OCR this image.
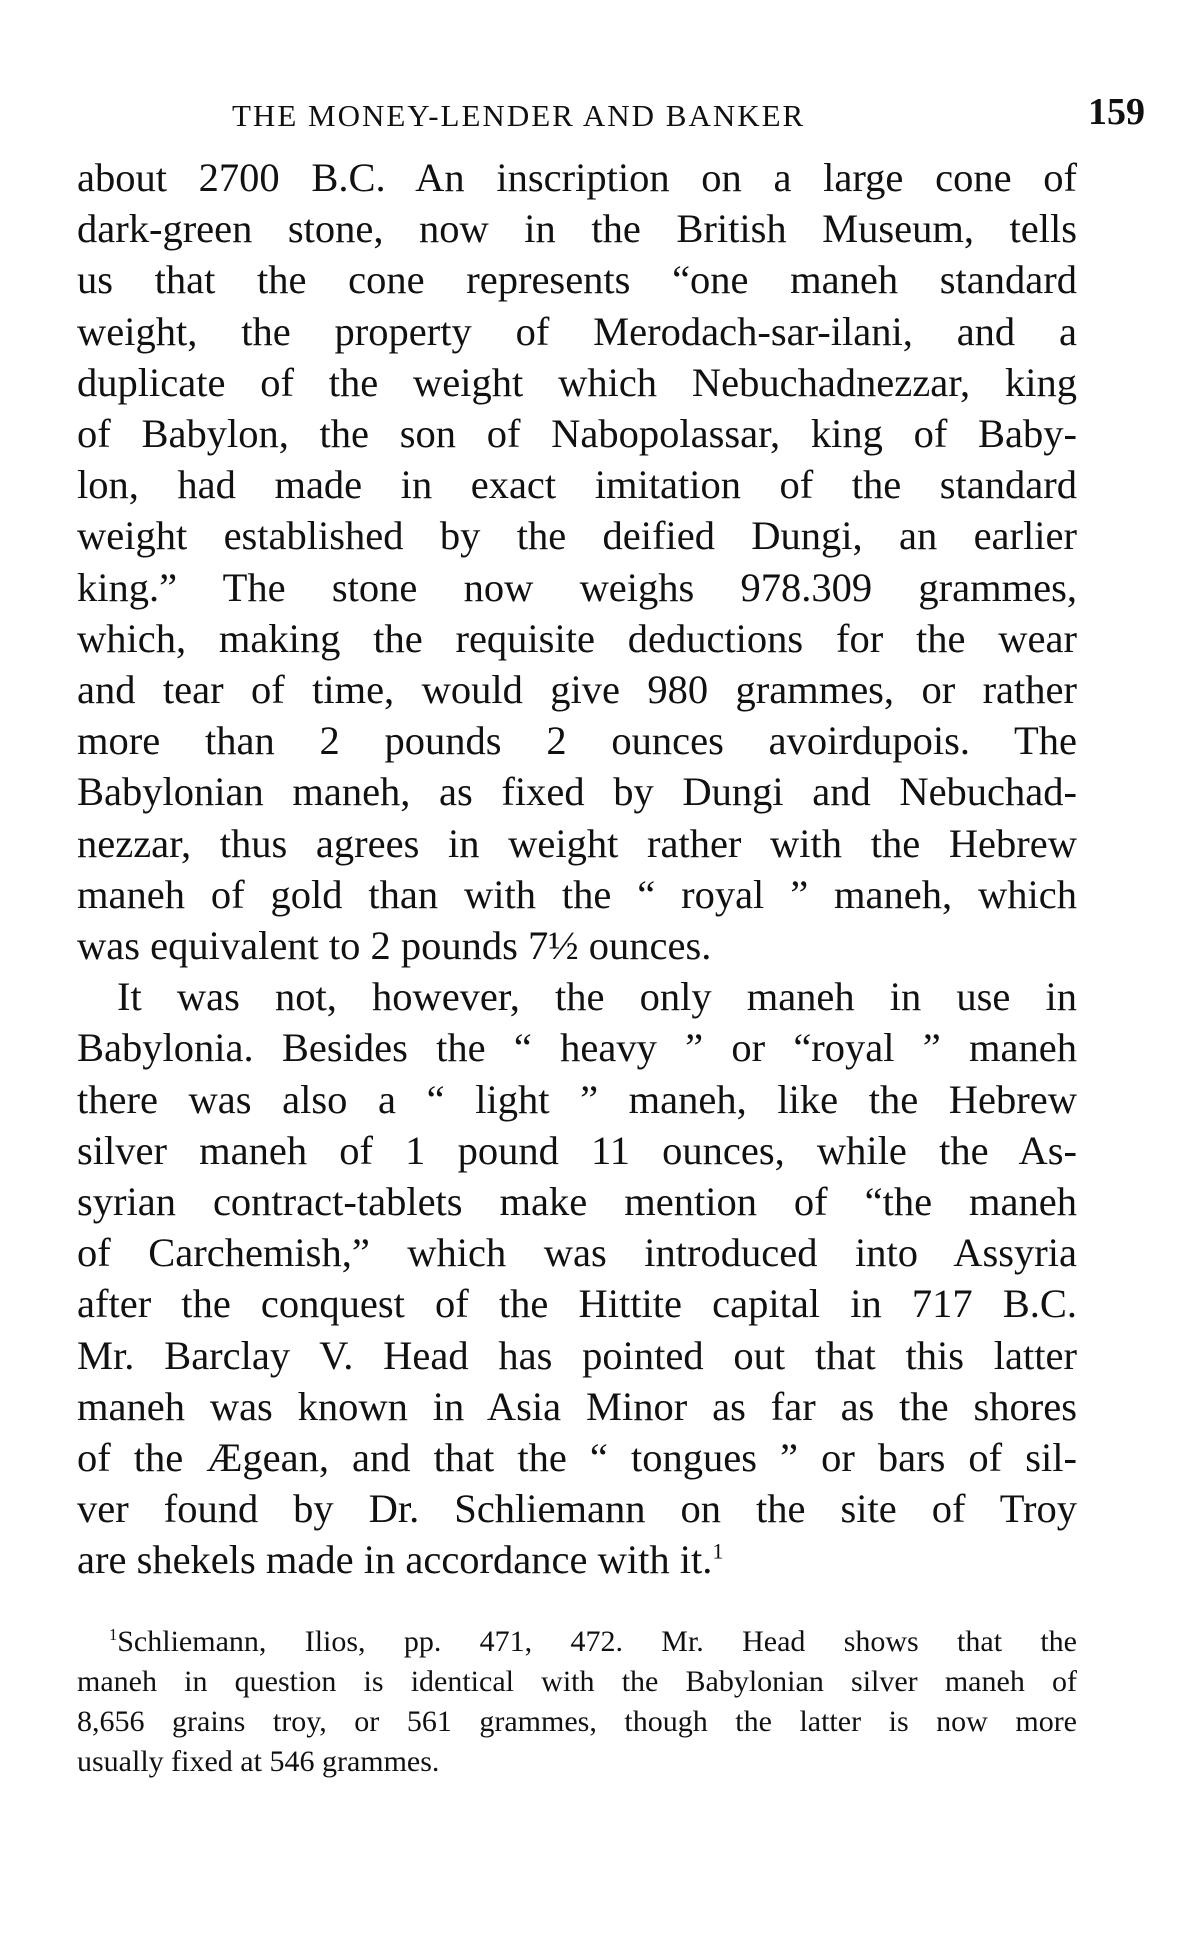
THE MONEY-LENDER AND BANKER	159

about 2700 B.C. An inscription on a large cone of
dark-green stone, now in the British Museum, tells
us that the cone represents “one maneh standard
weight, the property of Merodach-sar-ilani, and a
duplicate of the weight which Nebuchadnezzar, king
of Babylon, the son of Nabopolassar, king of Baby-
lon, had made in exact imitation of the standard
weight established by the deified Dungi, an earlier
king.” The stone now weighs 978.309 grammes,
which, making the requisite deductions for the wear
and tear of time, would give 980 grammes, or rather
more than 2 pounds 2 ounces avoirdupois. The
Babylonian maneh, as fixed by Dungi and Nebuchad-
nezzar, thus agrees in weight rather with the Hebrew
maneh of gold than with the “ royal ” maneh, which
was equivalent to 2 pounds 7½ ounces.

It was not, however, the only maneh in use in
Babylonia. Besides the “ heavy ” or “royal ” maneh
there was also a “ light ” maneh, like the Hebrew
silver maneh of 1 pound 11 ounces, while the As-
syrian contract-tablets make mention of “the maneh
of Carchemish,” which was introduced into Assyria
after the conquest of the Hittite capital in 717 B.C.
Mr. Barclay V. Head has pointed out that this latter
maneh was known in Asia Minor as far as the shores
of the Ægean, and that the “ tongues ” or bars of sil-
ver found by Dr. Schliemann on the site of Troy
are shekels made in accordance with it.$^1$

$^1$Schliemann, Ilios, pp. 471, 472. Mr. Head shows that the
maneh in question is identical with the Babylonian silver maneh of
8,656 grains troy, or 561 grammes, though the latter is now more
usually fixed at 546 grammes.
